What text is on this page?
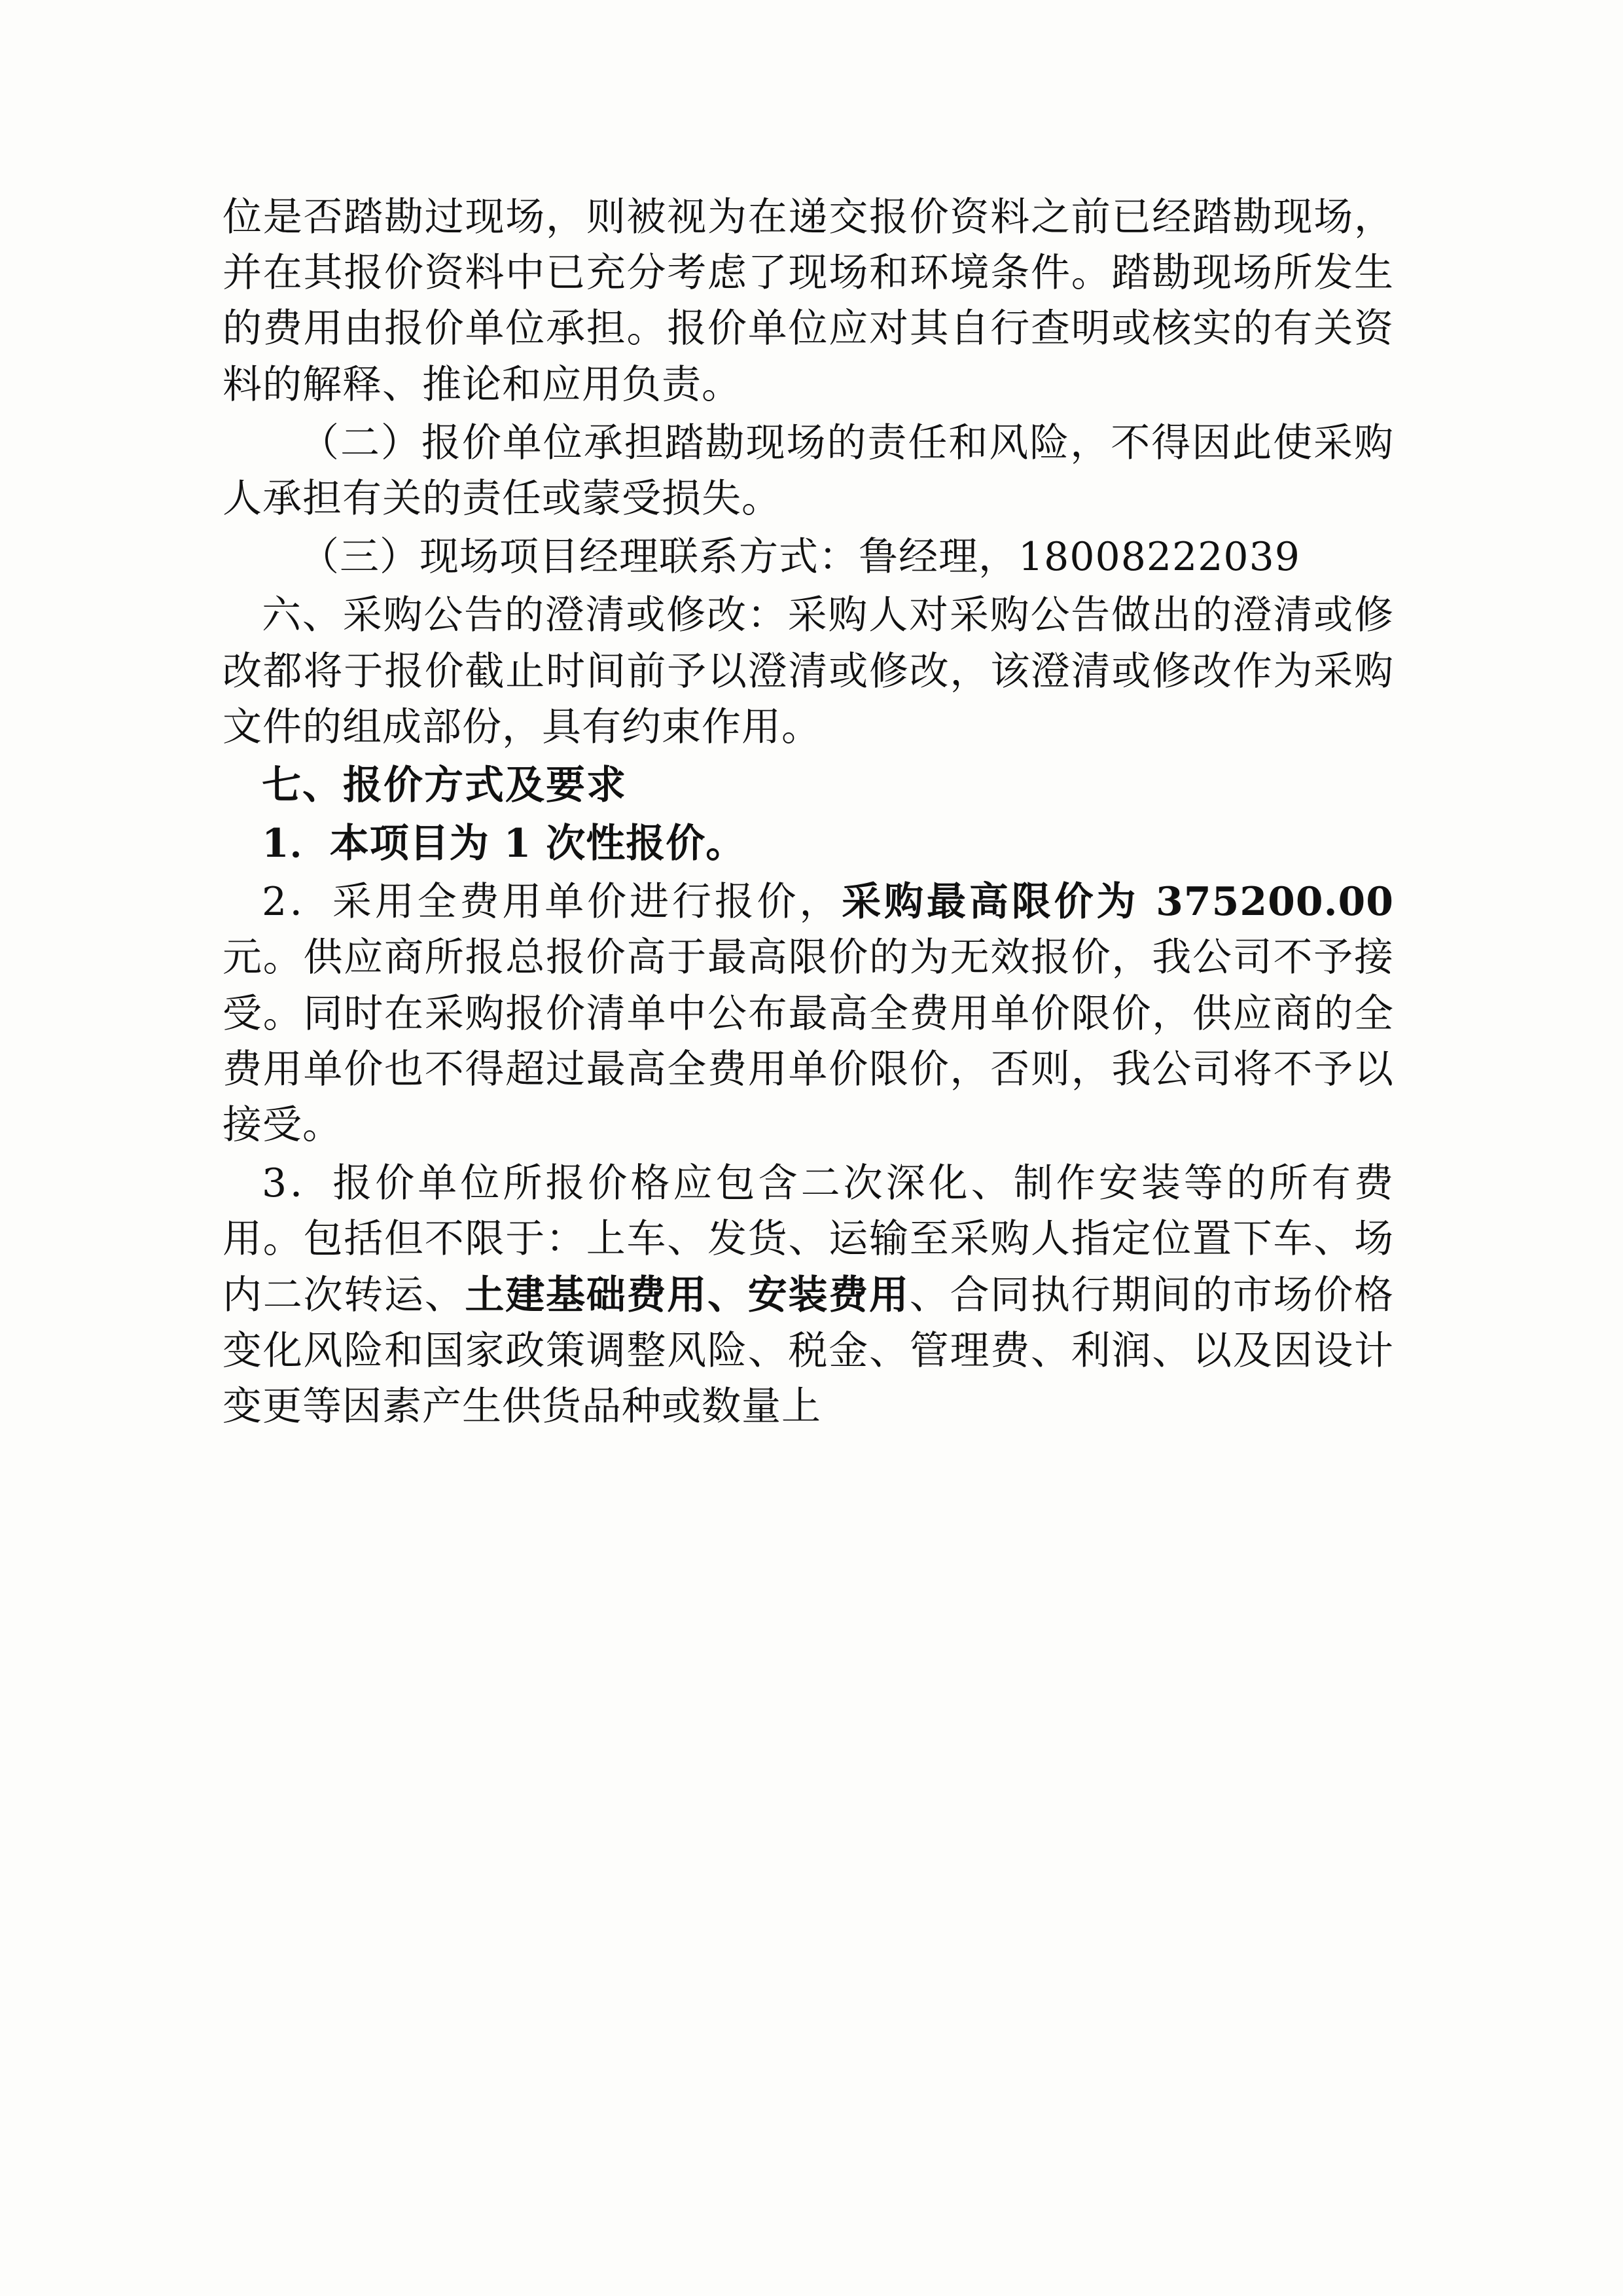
位是否踏勘过现场，则被视为在递交报价资料之前已经踏勘现场，并在其报价资料中已充分考虑了现场和环境条件。踏勘现场所发生的费用由报价单位承担。报价单位应对其自行查明或核实的有关资料的解释、推论和应用负责。

（二）报价单位承担踏勘现场的责任和风险，不得因此使采购人承担有关的责任或蒙受损失。

（三）现场项目经理联系方式：鲁经理，18008222039

六、采购公告的澄清或修改：采购人对采购公告做出的澄清或修改都将于报价截止时间前予以澄清或修改，该澄清或修改作为采购文件的组成部份，具有约束作用。

七、报价方式及要求

1．本项目为 1 次性报价。

2．采用全费用单价进行报价，采购最高限价为 375200.00元。供应商所报总报价高于最高限价的为无效报价，我公司不予接受。同时在采购报价清单中公布最高全费用单价限价，供应商的全费用单价也不得超过最高全费用单价限价，否则，我公司将不予以接受。

3．报价单位所报价格应包含二次深化、制作安装等的所有费用。包括但不限于：上车、发货、运输至采购人指定位置下车、场内二次转运、土建基础费用、安装费用、合同执行期间的市场价格变化风险和国家政策调整风险、税金、管理费、利润、以及因设计变更等因素产生供货品种或数量上
